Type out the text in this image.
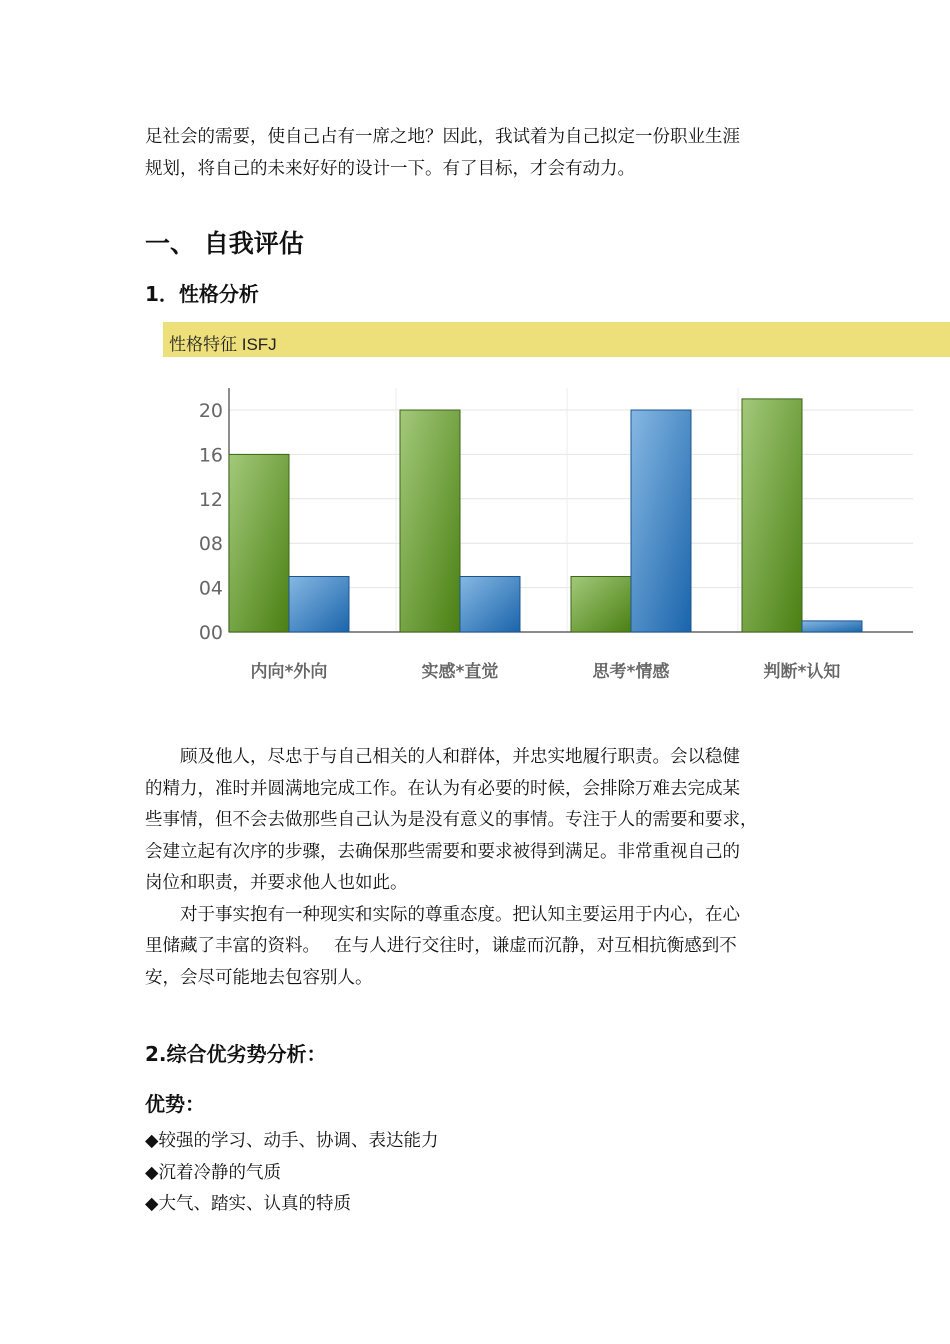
足社会的需要，使自己占有一席之地？因此，我试着为自己拟定一份职业生涯

规划，将自己的未来好好的设计一下。有了目标，才会有动力。

一、 自我评估
1．性格分析
性格特征 ISFJ
00
04
08
12
16
20
内向*外向	实感*直觉	思考*情感	判断*认知

顾及他人，尽忠于与自己相关的人和群体，并忠实地履行职责。会以稳健

的精力，准时并圆满地完成工作。在认为有必要的时候，会排除万难去完成某

些事情，但不会去做那些自己认为是没有意义的事情。专注于人的需要和要求，

会建立起有次序的步骤，去确保那些需要和要求被得到满足。非常重视自己的

岗位和职责，并要求他人也如此。

对于事实抱有一种现实和实际的尊重态度。把认知主要运用于内心，在心

里储藏了丰富的资料。　 在与人进行交往时，谦虚而沉静，对互相抗衡感到不

安，会尽可能地去包容别人。

2.综合优劣势分析：
优势：
◆较强的学习、动手、协调、表达能力
◆沉着冷静的气质
◆大气、踏实、认真的特质
